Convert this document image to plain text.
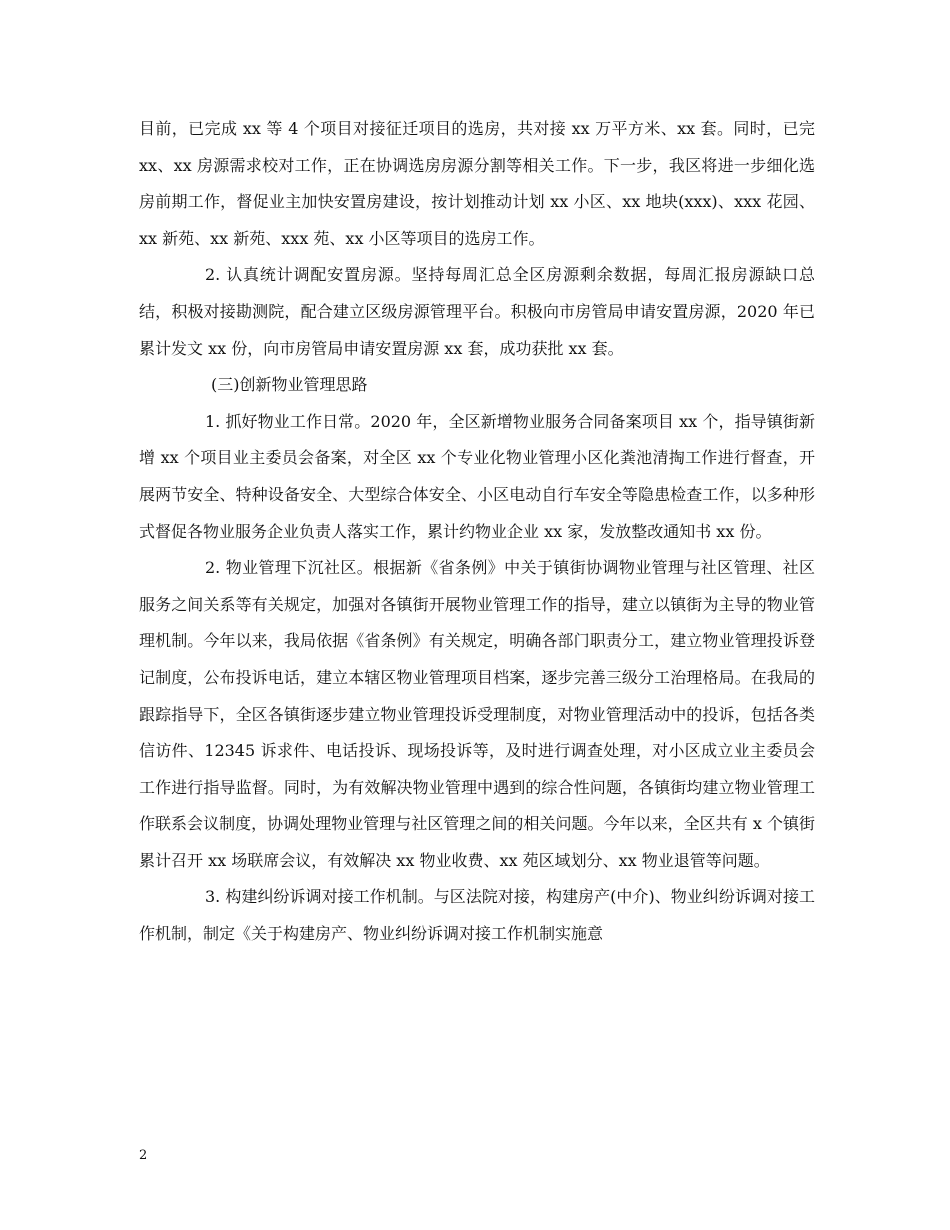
目前，已完成 xx 等 4 个项目对接征迁项目的选房，共对接 xx 万平方米、xx 套。同时，已完 xx、xx 房源需求校对工作，正在协调选房房源分割等相关工作。下一步，我区将进一步细化选房前期工作，督促业主加快安置房建设，按计划推动计划 xx 小区、xx 地块(xxx)、xxx 花园、xx 新苑、xx 新苑、xxx 苑、xx 小区等项目的选房工作。

2. 认真统计调配安置房源。坚持每周汇总全区房源剩余数据，每周汇报房源缺口总结，积极对接勘测院，配合建立区级房源管理平台。积极向市房管局申请安置房源，2020 年已累计发文 xx 份，向市房管局申请安置房源 xx 套，成功获批 xx 套。

(三)创新物业管理思路

1. 抓好物业工作日常。2020 年，全区新增物业服务合同备案项目 xx 个，指导镇街新增 xx 个项目业主委员会备案，对全区 xx 个专业化物业管理小区化粪池清掏工作进行督查，开展两节安全、特种设备安全、大型综合体安全、小区电动自行车安全等隐患检查工作，以多种形式督促各物业服务企业负责人落实工作，累计约物业企业 xx 家，发放整改通知书 xx 份。

2. 物业管理下沉社区。根据新《省条例》中关于镇街协调物业管理与社区管理、社区服务之间关系等有关规定，加强对各镇街开展物业管理工作的指导，建立以镇街为主导的物业管理机制。今年以来，我局依据《省条例》有关规定，明确各部门职责分工，建立物业管理投诉登记制度，公布投诉电话，建立本辖区物业管理项目档案，逐步完善三级分工治理格局。在我局的跟踪指导下，全区各镇街逐步建立物业管理投诉受理制度，对物业管理活动中的投诉，包括各类信访件、12345 诉求件、电话投诉、现场投诉等，及时进行调查处理，对小区成立业主委员会工作进行指导监督。同时，为有效解决物业管理中遇到的综合性问题，各镇街均建立物业管理工作联系会议制度，协调处理物业管理与社区管理之间的相关问题。今年以来，全区共有 x 个镇街累计召开 xx 场联席会议，有效解决 xx 物业收费、xx 苑区域划分、xx 物业退管等问题。

3. 构建纠纷诉调对接工作机制。与区法院对接，构建房产(中介)、物业纠纷诉调对接工作机制，制定《关于构建房产、物业纠纷诉调对接工作机制实施意

2
